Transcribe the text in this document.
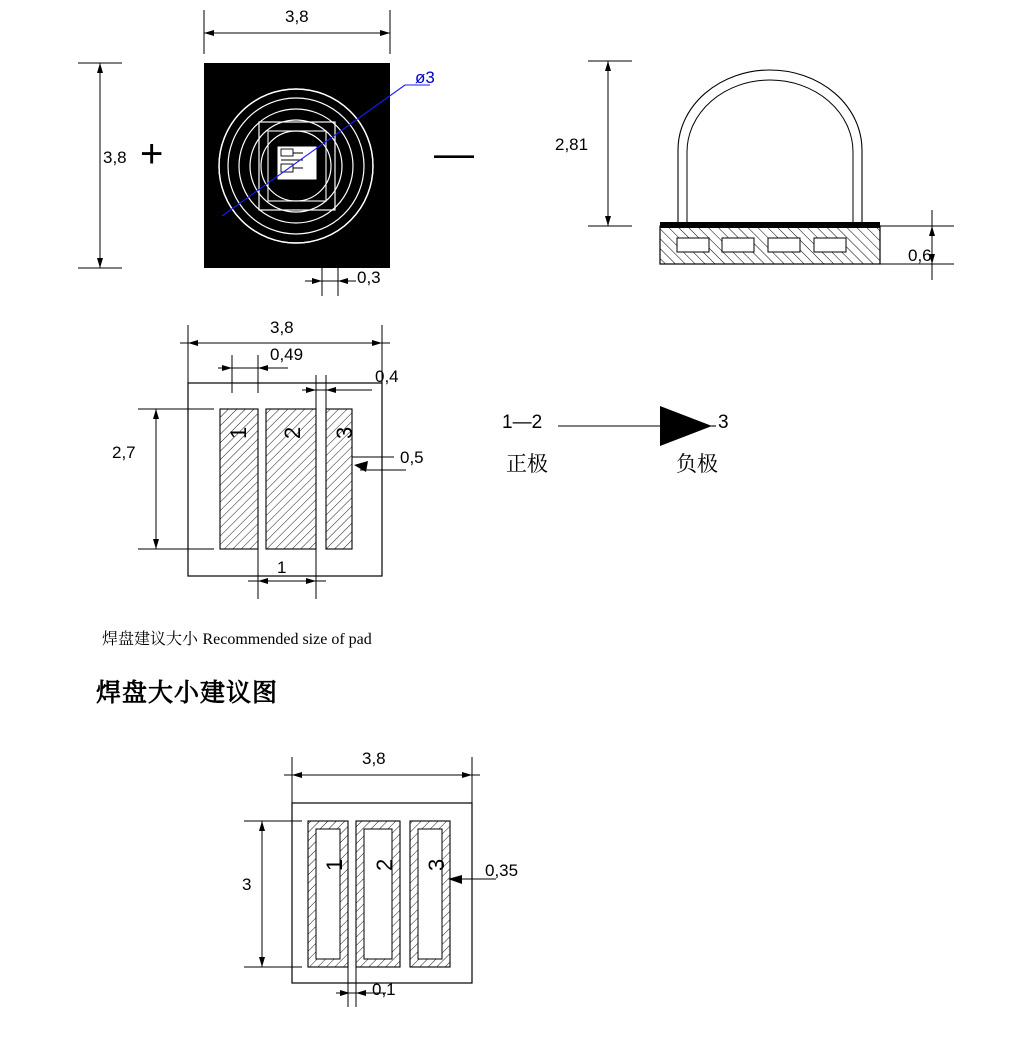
3,8
3,8
ø3
0,3
+	—	2,81
0,6
3,8
0,49
0,4
2,7	0,5
1
1 2 3	1—2	3
正极	负极
焊盘建议大小 Recommended size of pad
焊盘大小建议图
3,8
3
0,35
0,1
1 2 3
